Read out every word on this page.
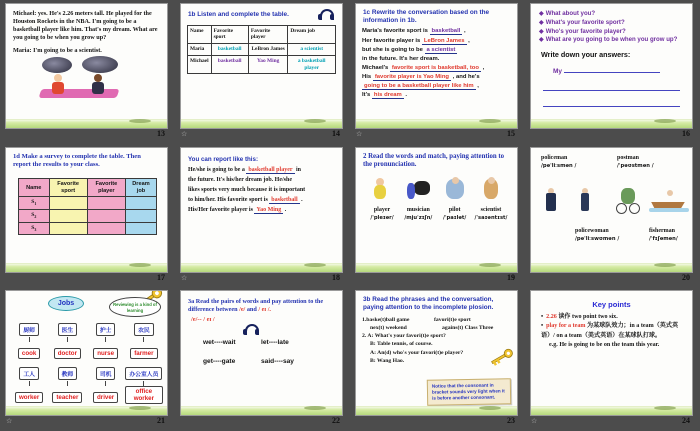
Michael: yes. He's 2.26 meters tall. He played for the Houston Rockets in the NBA. I'm going to be a basketball player like him. That's my dream. What are you going to be when you grow up?

Maria: I'm going to be a scientist.

13

1b Listen and complete the table.

Name	Favorite sport	Favorite player	Dream job
Maria	basketball	LeBron James	a scientist
Michael	basketball	Yao Ming	a basketball player
☆	14

1c Rewrite the conversation based on the information in 1b.

Maria's favorite sport is basketball ,
Her favorite player is LeBron James ,
but she is going to be a scientist
in the future. It's her dream.
Michael's favorite sport is basketball, too ,
His favorite player is Yao Ming , and he's
going to be a basketball player like him ,
It's his dream .
☆	15
◆ What about you?
◆ What's your favorite sport?
◆ Who's your favorite player?
◆ What are you going to be when you grow up?
Write down your answers:
My
16

1d Make a survey to complete the table. Then report the results to your class.

Name	Favorite sport	Favorite player	Dream job
$S_1$			
$S_2$			
$S_3$			
17

You can report like this:

He/she is going to be a basketball player in
the future. It's his/her dream job. He/she
likes sports very much because it is important
to him/her. His favorite sport is basketball .
His/Her favorite player is Yao Ming .
☆	18

2 Read the words and match, paying attention to the pronunciation.

player
/ˈpleɪər/
musician
/mjuˈzɪʃn/
pilot
/ˈpaɪlət/
scientist
/ˈsaɪəntɪst/
19
policeman
/pəˈliːsmən /
postman
/ˈpəʊstmən /
policewoman
/pəˈliːswʊmən /
fisherman
/ˈfɪʃəmən/
20
Jobs	Reviewing is a kind of learning
厨师
cook
医生
doctor
护士
nurse
农民
farmer
工人
worker
教师
teacher
司机
driver
办公室人员
office worker
☆	21

3a Read the pairs of words and pay attention to the difference between /e/ and / eɪ /.

/e/-- / eɪ /
wet----wait	let----late
get----gate	said----say
22

3b Read the phrases and the conversation, paying attention to the incomplete plosion.

1.baske(t)ball game	favori(t)e sport
nex(t) weekend	agains(t) Class Three
2. A: What's your favori(t)e sport?
B: Table tennis, of course.
A: An(d) who's your favori(t)e player?
B: Wang Hao.
Notice that the consonant in bracket sounds very light when it is before another consonant.
23

Key points

• 2.26 读作 two point two six.
• play for a team 为某球队效力；in a team（英式英语）/ on a team（美式英语）在某球队打球。
e.g. He is going to be on the team this year.
☆	24
